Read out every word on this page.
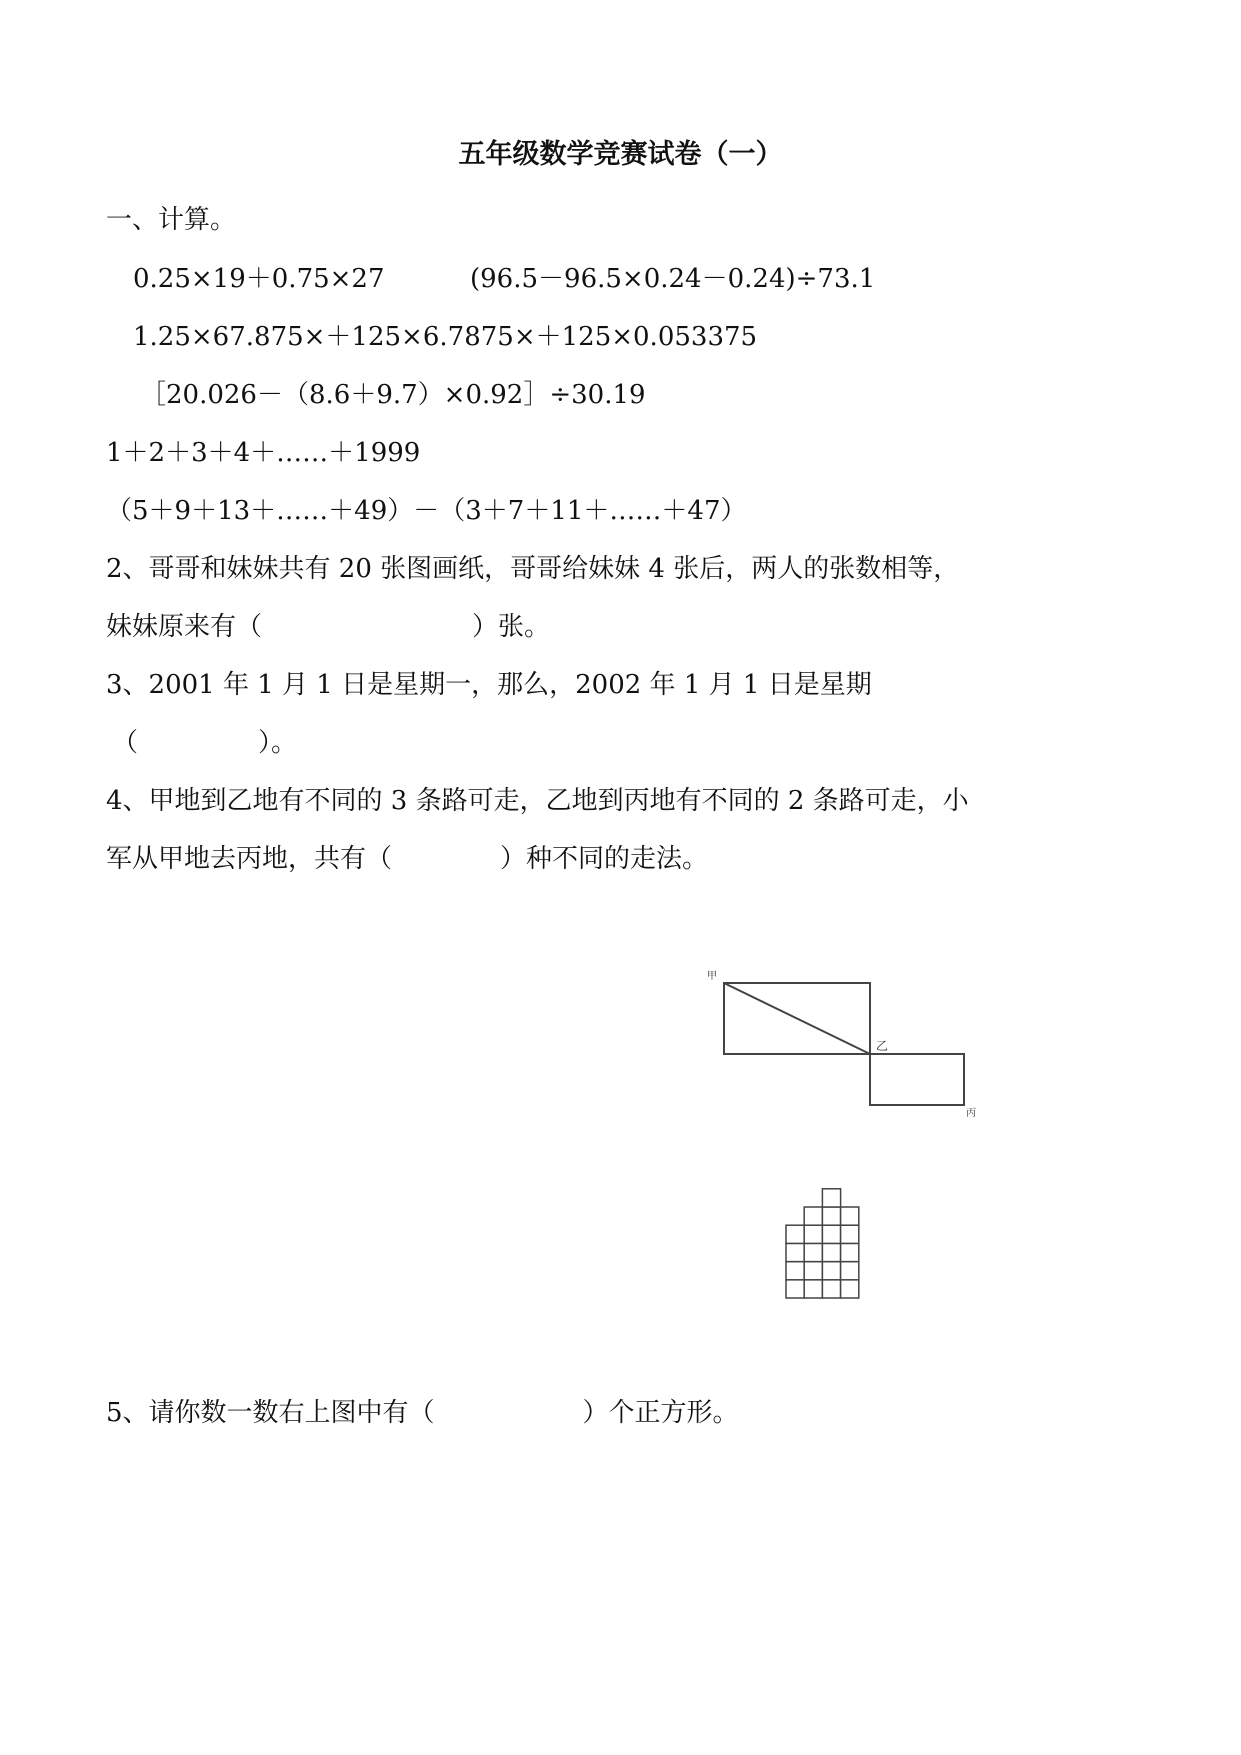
五年级数学竞赛试卷（一）
一、计算。
0.25×19＋0.75×27	(96.5－96.5×0.24－0.24)÷73.1
1.25×67.875×＋125×6.7875×＋125×0.053375
［20.026－（8.6＋9.7）×0.92］÷30.19
1＋2＋3＋4＋……＋1999
（5＋9＋13＋……＋49）－（3＋7＋11＋……＋47）
2、哥哥和妹妹共有 20 张图画纸，哥哥给妹妹 4 张后，两人的张数相等，
妹妹原来有（	）张。
3、2001 年 1 月 1 日是星期一，那么，2002 年 1 月 1 日是星期
（	）。
4、甲地到乙地有不同的 3 条路可走，乙地到丙地有不同的 2 条路可走，小
军从甲地去丙地，共有（	）种不同的走法。
5、请你数一数右上图中有（	）个正方形。
甲
乙
丙
